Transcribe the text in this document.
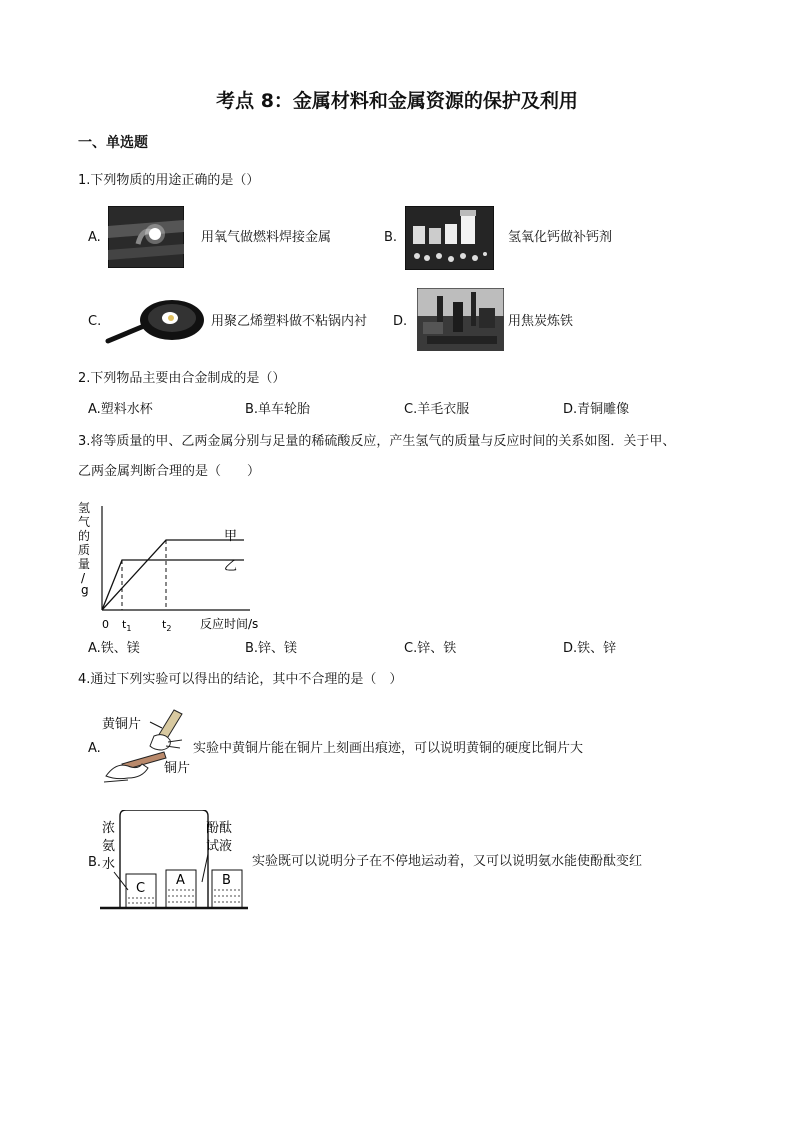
考点 8：金属材料和金属资源的保护及利用
一、单选题
1.下列物质的用途正确的是（）
A.	用氧气做燃料焊接金属	B.	氢氧化钙做补钙剂
C.	用聚乙烯塑料做不粘锅内衬 D.	用焦炭炼铁
2.下列物品主要由合金制成的是（）
A.塑料水杯	B.单车轮胎	C.羊毛衣服	D.青铜雕像
3.将等质量的甲、乙两金属分别与足量的稀硫酸反应，产生氢气的质量与反应时间的关系如图．关于甲、
乙两金属判断合理的是（　　）
氢
气
的
质
量
/
g
甲
乙
0 $t_1$	$t_2$ 反应时间/s
A.铁、镁	B.锌、镁	C.锌、铁	D.铁、锌
4.通过下列实验可以得出的结论，其中不合理的是（　）
A.
黄铜片
铜片
实验中黄铜片能在铜片上刻画出痕迹，可以说明黄铜的硬度比铜片大
B.
浓
氨
水
酚酞
试液
C
A	B
实验既可以说明分子在不停地运动着，又可以说明氨水能使酚酞变红
